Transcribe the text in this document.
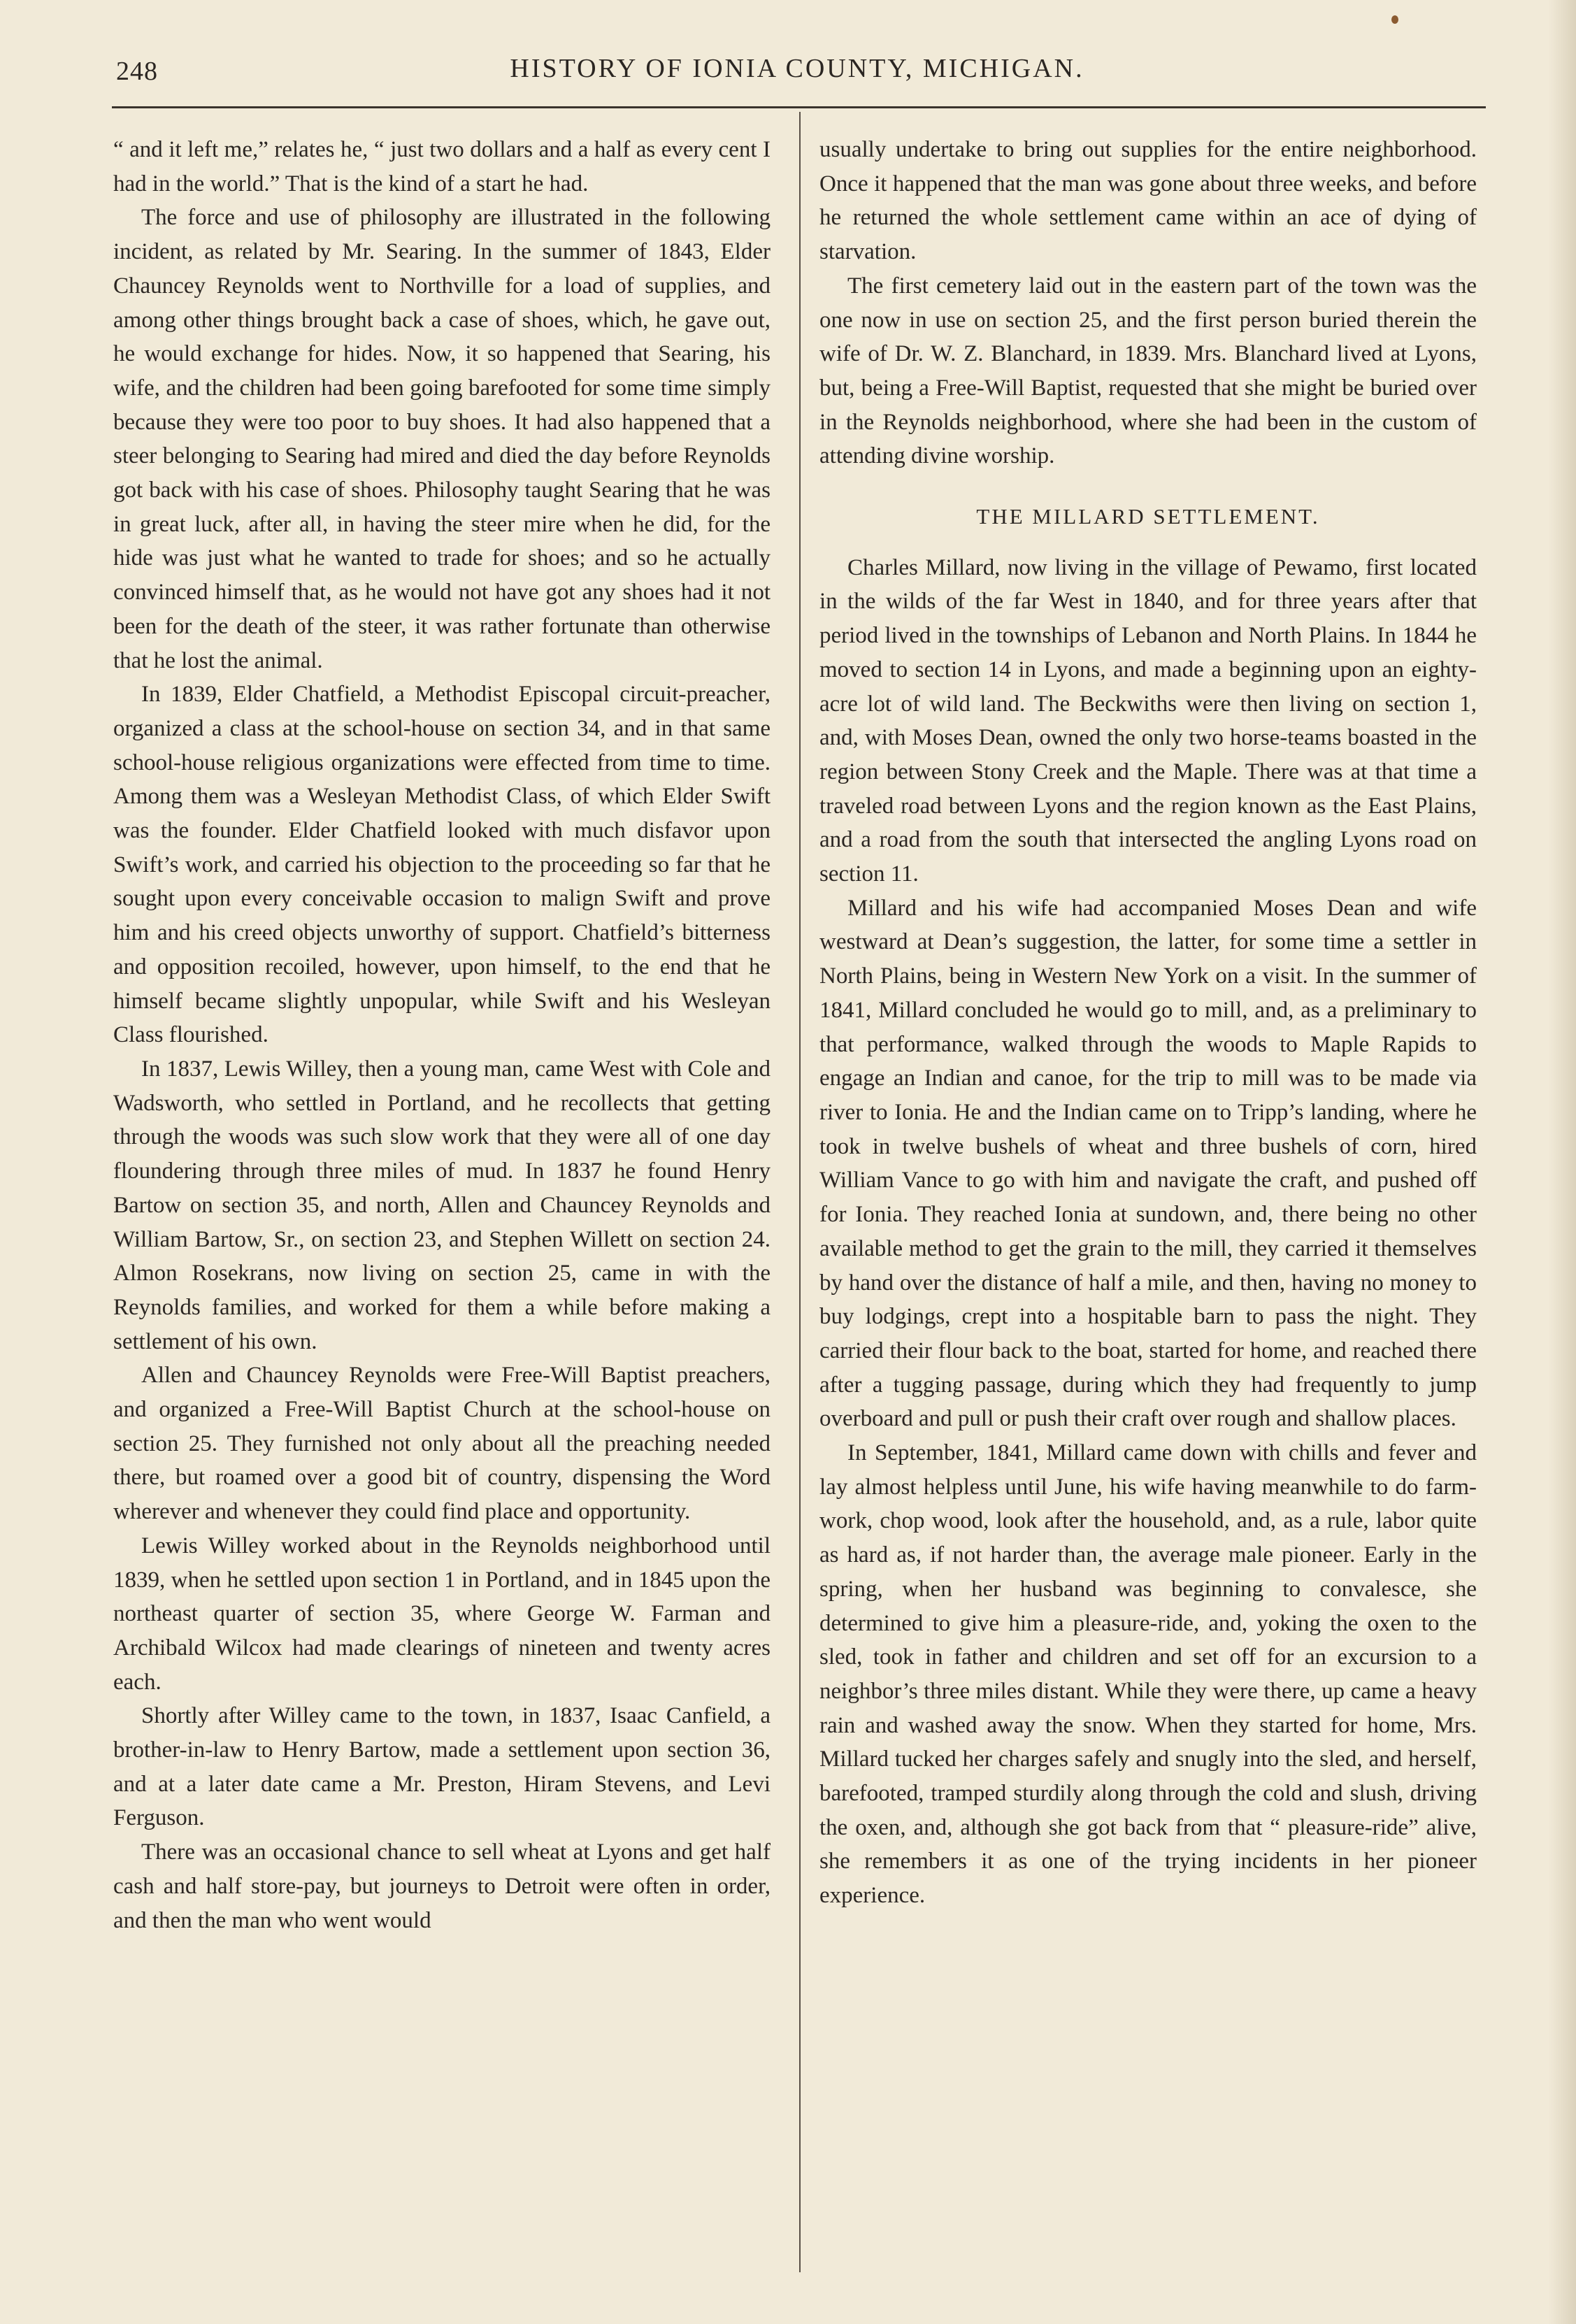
248	HISTORY OF IONIA COUNTY, MICHIGAN.

“ and it left me,” relates he, “ just two dollars and a half as every cent I had in the world.” That is the kind of a start he had.

The force and use of philosophy are illustrated in the following incident, as related by Mr. Searing. In the summer of 1843, Elder Chauncey Reynolds went to Northville for a load of supplies, and among other things brought back a case of shoes, which, he gave out, he would exchange for hides. Now, it so happened that Searing, his wife, and the children had been going barefooted for some time simply because they were too poor to buy shoes. It had also happened that a steer belonging to Searing had mired and died the day before Reynolds got back with his case of shoes. Philosophy taught Searing that he was in great luck, after all, in having the steer mire when he did, for the hide was just what he wanted to trade for shoes; and so he actually convinced himself that, as he would not have got any shoes had it not been for the death of the steer, it was rather fortunate than otherwise that he lost the animal.

In 1839, Elder Chatfield, a Methodist Episcopal circuit-preacher, organized a class at the school-house on section 34, and in that same school-house religious organizations were effected from time to time. Among them was a Wesleyan Methodist Class, of which Elder Swift was the founder. Elder Chatfield looked with much disfavor upon Swift’s work, and carried his objection to the proceeding so far that he sought upon every conceivable occasion to malign Swift and prove him and his creed objects unworthy of support. Chatfield’s bitterness and opposition recoiled, however, upon himself, to the end that he himself became slightly unpopular, while Swift and his Wesleyan Class flourished.

In 1837, Lewis Willey, then a young man, came West with Cole and Wadsworth, who settled in Portland, and he recollects that getting through the woods was such slow work that they were all of one day floundering through three miles of mud. In 1837 he found Henry Bartow on section 35, and north, Allen and Chauncey Reynolds and William Bartow, Sr., on section 23, and Stephen Willett on section 24. Almon Rosekrans, now living on section 25, came in with the Reynolds families, and worked for them a while before making a settlement of his own.

Allen and Chauncey Reynolds were Free-Will Baptist preachers, and organized a Free-Will Baptist Church at the school-house on section 25. They furnished not only about all the preaching needed there, but roamed over a good bit of country, dispensing the Word wherever and whenever they could find place and opportunity.

Lewis Willey worked about in the Reynolds neighborhood until 1839, when he settled upon section 1 in Portland, and in 1845 upon the northeast quarter of section 35, where George W. Farman and Archibald Wilcox had made clearings of nineteen and twenty acres each.

Shortly after Willey came to the town, in 1837, Isaac Canfield, a brother-in-law to Henry Bartow, made a settlement upon section 36, and at a later date came a Mr. Preston, Hiram Stevens, and Levi Ferguson.

There was an occasional chance to sell wheat at Lyons and get half cash and half store-pay, but journeys to Detroit were often in order, and then the man who went would

usually undertake to bring out supplies for the entire neighborhood. Once it happened that the man was gone about three weeks, and before he returned the whole settlement came within an ace of dying of starvation.

The first cemetery laid out in the eastern part of the town was the one now in use on section 25, and the first person buried therein the wife of Dr. W. Z. Blanchard, in 1839. Mrs. Blanchard lived at Lyons, but, being a Free-Will Baptist, requested that she might be buried over in the Reynolds neighborhood, where she had been in the custom of attending divine worship.

THE MILLARD SETTLEMENT.

Charles Millard, now living in the village of Pewamo, first located in the wilds of the far West in 1840, and for three years after that period lived in the townships of Lebanon and North Plains. In 1844 he moved to section 14 in Lyons, and made a beginning upon an eighty-acre lot of wild land. The Beckwiths were then living on section 1, and, with Moses Dean, owned the only two horse-teams boasted in the region between Stony Creek and the Maple. There was at that time a traveled road between Lyons and the region known as the East Plains, and a road from the south that intersected the angling Lyons road on section 11.

Millard and his wife had accompanied Moses Dean and wife westward at Dean’s suggestion, the latter, for some time a settler in North Plains, being in Western New York on a visit. In the summer of 1841, Millard concluded he would go to mill, and, as a preliminary to that performance, walked through the woods to Maple Rapids to engage an Indian and canoe, for the trip to mill was to be made via river to Ionia. He and the Indian came on to Tripp’s landing, where he took in twelve bushels of wheat and three bushels of corn, hired William Vance to go with him and navigate the craft, and pushed off for Ionia. They reached Ionia at sundown, and, there being no other available method to get the grain to the mill, they carried it themselves by hand over the distance of half a mile, and then, having no money to buy lodgings, crept into a hospitable barn to pass the night. They carried their flour back to the boat, started for home, and reached there after a tugging passage, during which they had frequently to jump overboard and pull or push their craft over rough and shallow places.

In September, 1841, Millard came down with chills and fever and lay almost helpless until June, his wife having meanwhile to do farm-work, chop wood, look after the household, and, as a rule, labor quite as hard as, if not harder than, the average male pioneer. Early in the spring, when her husband was beginning to convalesce, she determined to give him a pleasure-ride, and, yoking the oxen to the sled, took in father and children and set off for an excursion to a neighbor’s three miles distant. While they were there, up came a heavy rain and washed away the snow. When they started for home, Mrs. Millard tucked her charges safely and snugly into the sled, and herself, barefooted, tramped sturdily along through the cold and slush, driving the oxen, and, although she got back from that “ pleasure-ride” alive, she remembers it as one of the trying incidents in her pioneer experience.
